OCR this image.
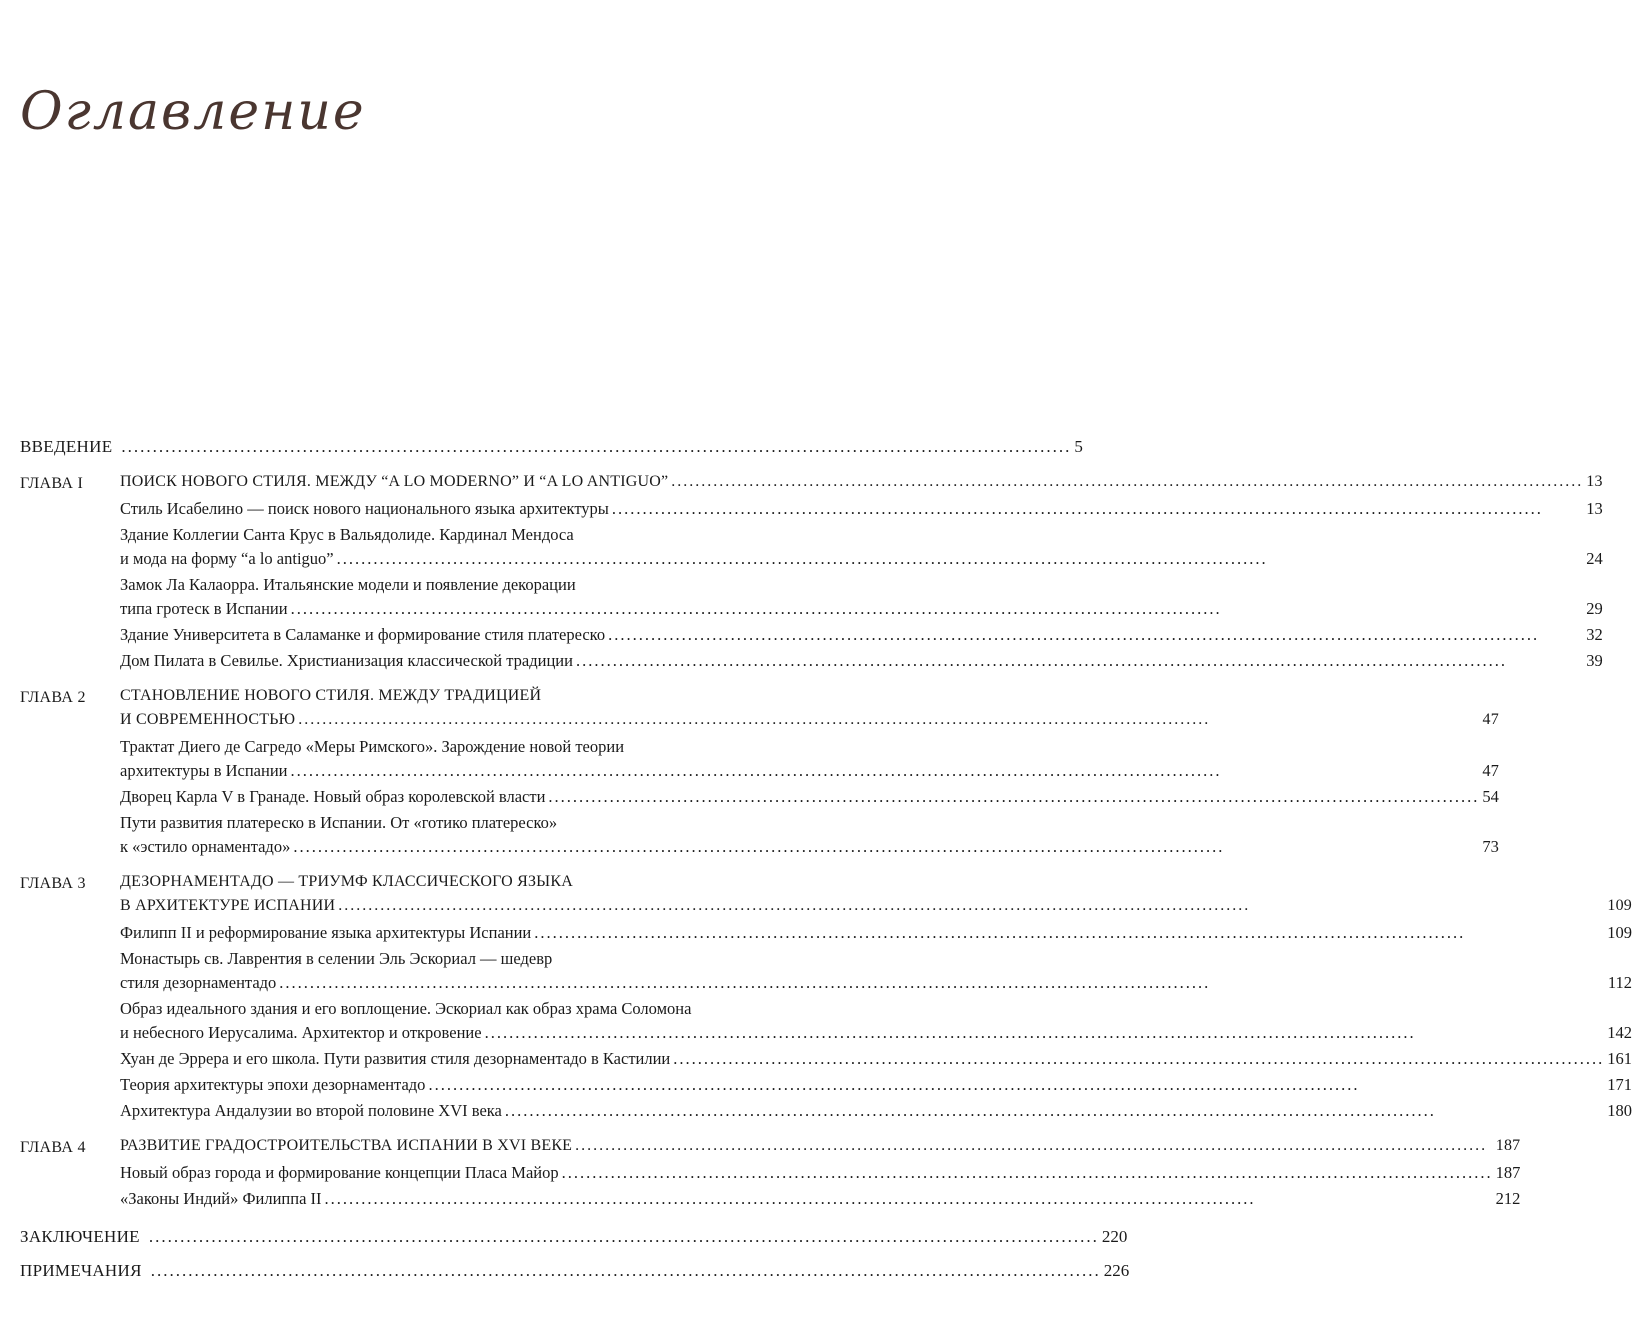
Оглавление
ВВЕДЕНИЕ .....	5
ГЛАВА I	ПОИСК НОВОГО СТИЛЯ. МЕЖДУ “A LO MODERNO” И “A LO ANTIGUO” .....	13
Стиль Исабелино — поиск нового национального языка архитектуры .....	13
Здание Коллегии Санта Крус в Вальядолиде. Кардинал Мендоса
и мода на форму “a lo antiguo” .....	24
Замок Ла Калаорра. Итальянские модели и появление декорации
типа гротеск в Испании .....	29
Здание Университета в Саламанке и формирование стиля платереско .....	32
Дом Пилата в Севилье. Христианизация классической традиции .....	39
ГЛАВА 2	СТАНОВЛЕНИЕ НОВОГО СТИЛЯ. МЕЖДУ ТРАДИЦИЕЙ
И СОВРЕМЕННОСТЬЮ .....	47
Трактат Диего де Сагредо «Меры Римского». Зарождение новой теории
архитектуры в Испании .....	47
Дворец Карла V в Гранаде. Новый образ королевской власти .....	54
Пути развития платереско в Испании. От «готико платереско»
к «эстило орнаментадо» .....	73
ГЛАВА 3	ДЕЗОРНАМЕНТАДО — ТРИУМФ КЛАССИЧЕСКОГО ЯЗЫКА
В АРХИТЕКТУРЕ ИСПАНИИ .....	109
Филипп II и реформирование языка архитектуры Испании .....	109
Монастырь св. Лаврентия в селении Эль Эскориал — шедевр
стиля дезорнаментадо .....	112
Образ идеального здания и его воплощение. Эскориал как образ храма Соломона
и небесного Иерусалима. Архитектор и откровение .....	142
Хуан де Эррера и его школа. Пути развития стиля дезорнаментадо в Кастилии .....	161
Теория архитектуры эпохи дезорнаментадо .....	171
Архитектура Андалузии во второй половине XVI века .....	180
ГЛАВА 4	РАЗВИТИЕ ГРАДОСТРОИТЕЛЬСТВА ИСПАНИИ В XVI ВЕКЕ .....	187
Новый образ города и формирование концепции Пласа Майор .....	187
«Законы Индий» Филиппа II .....	212
ЗАКЛЮЧЕНИЕ .....	220
ПРИМЕЧАНИЯ .....	226
